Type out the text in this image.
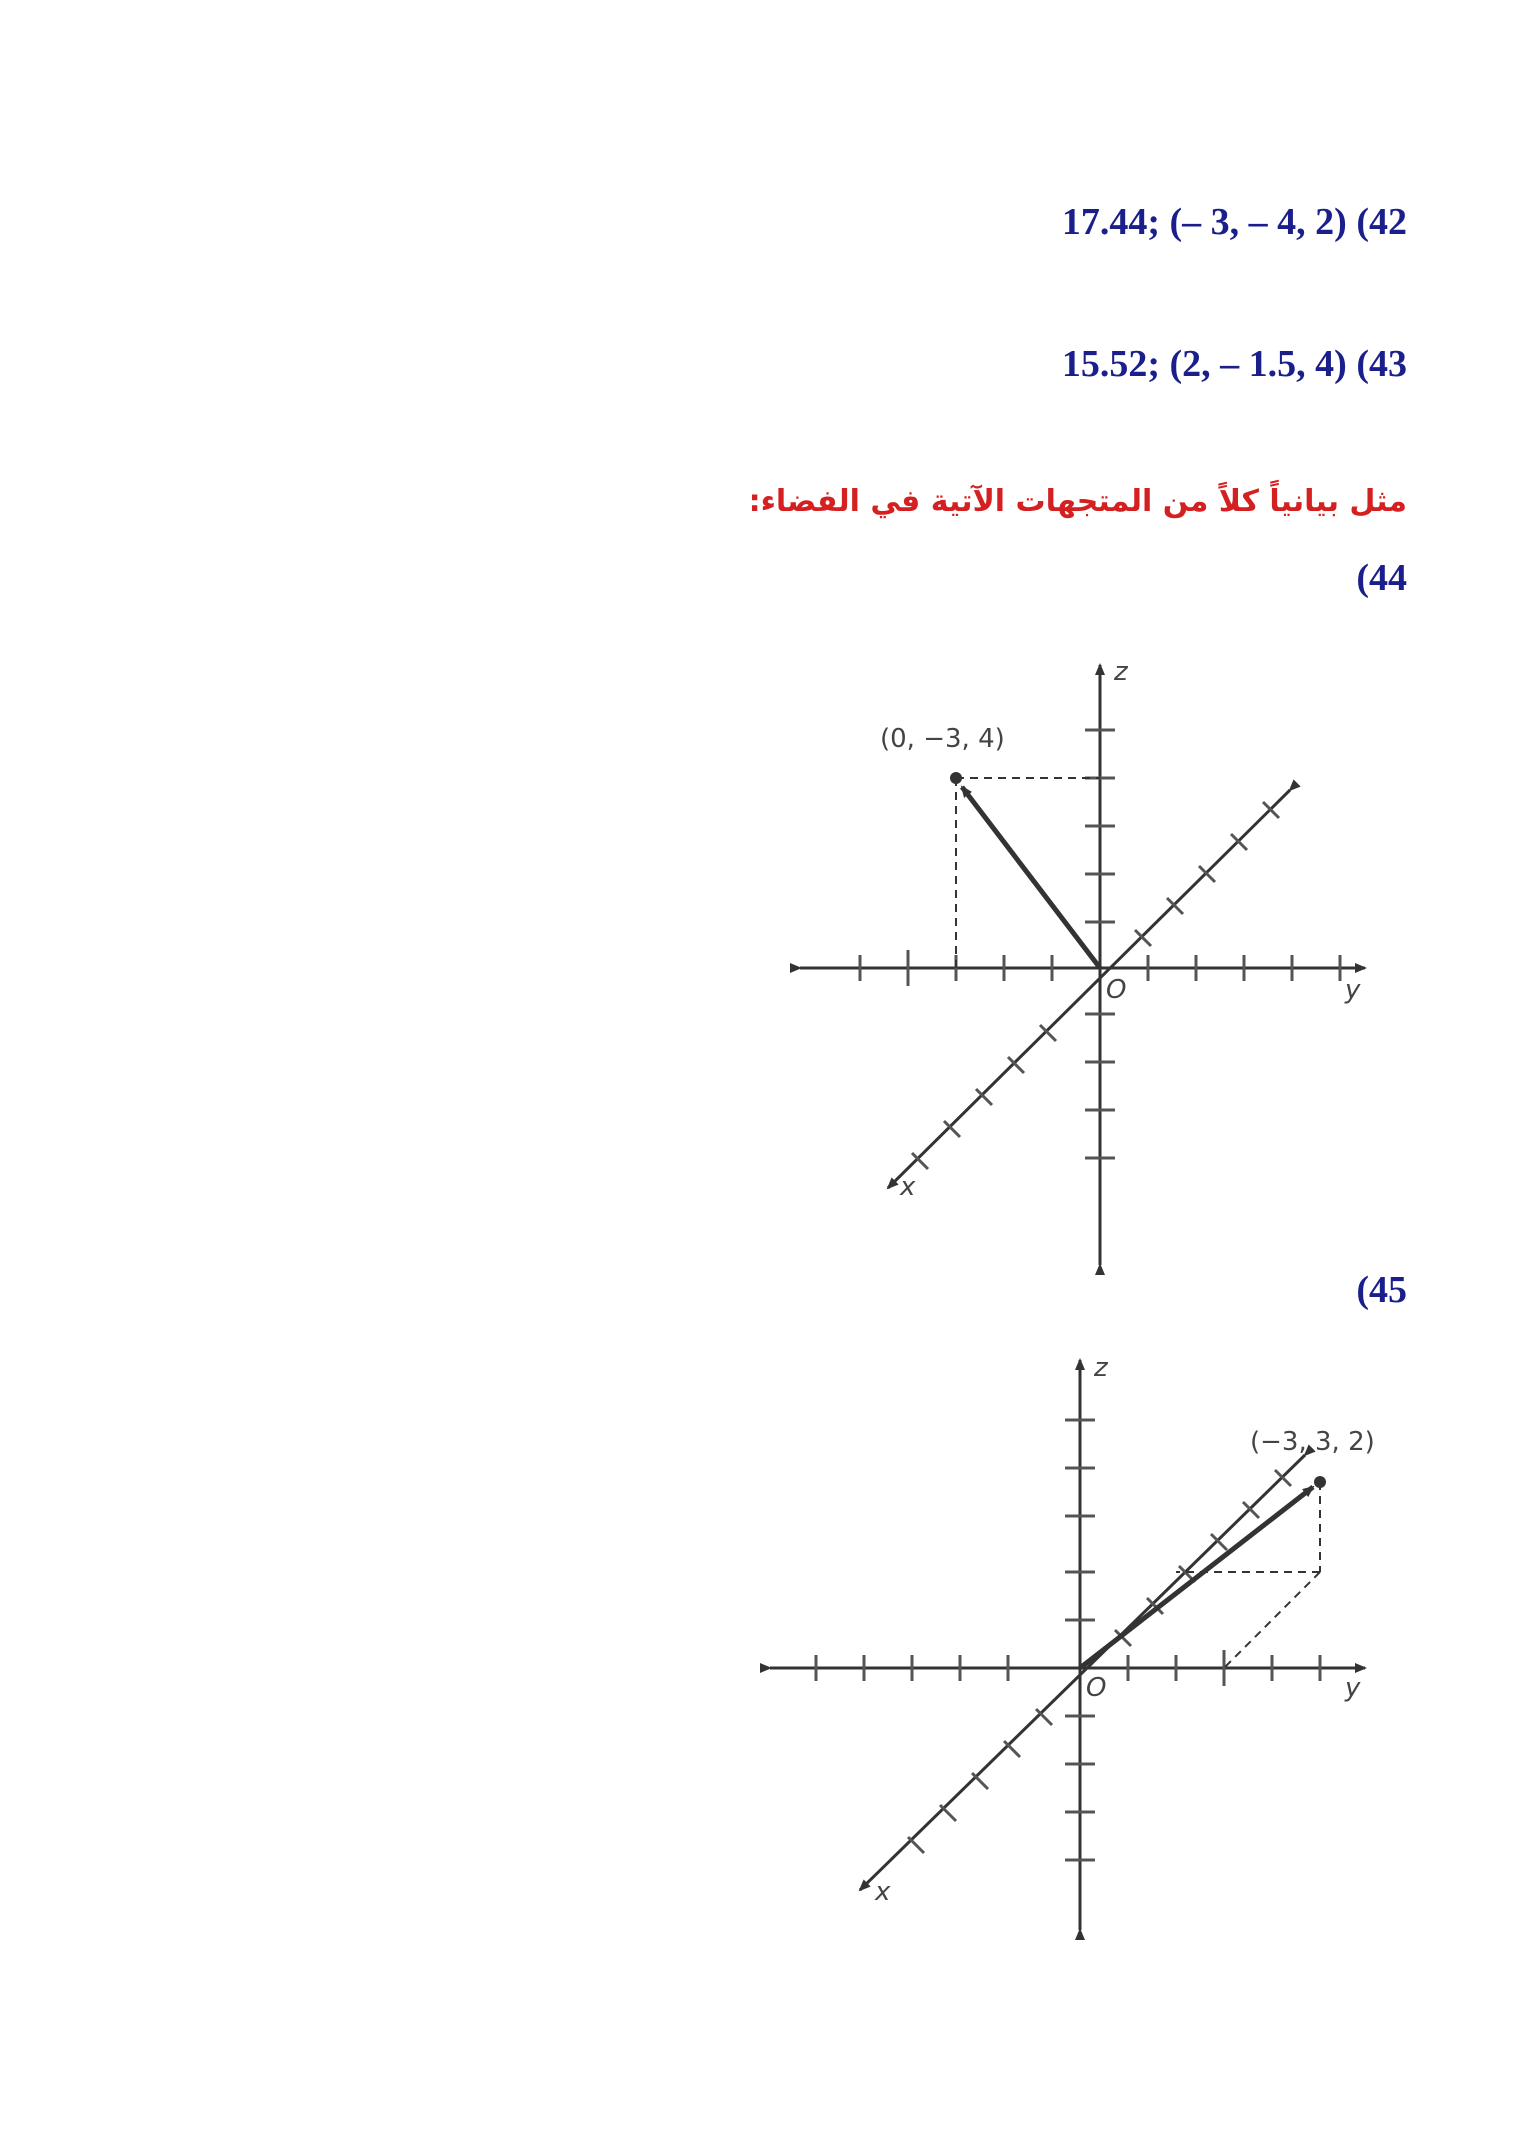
17.44; (– 3, – 4, 2) (42
15.52; (2, – 1.5, 4) (43
مثل بيانياً كلاً من المتجهات الآتية في الفضاء:
(44
(0, −3, 4)
O	y
z
x
(45
(−3, 3, 2)
O	y
z
x
